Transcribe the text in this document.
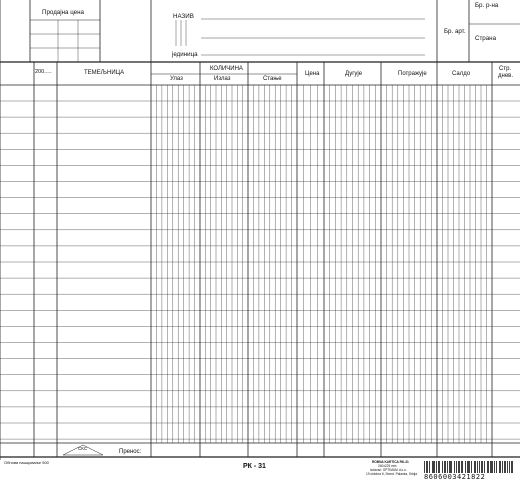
Продајна цена
НАЗИВ
јединица
Бр. арт.
Бр. р-на
Страна
200.....	ТЕМЕЉНИЦА
КОЛИЧИНА
Улаз	Излаз	Стање
Цена	Дугује	Потражује	Салдо
Стр.
днев.
СКС
Пренос:
Обнова пашцовањe 500
РК - 31
ROBNA KARTICA RK-31
240x225 mm
Izdavač: OPTIMUM d.o.o.
19 oktobra 6, Smed. Palanka, Srbija 8606003421822
